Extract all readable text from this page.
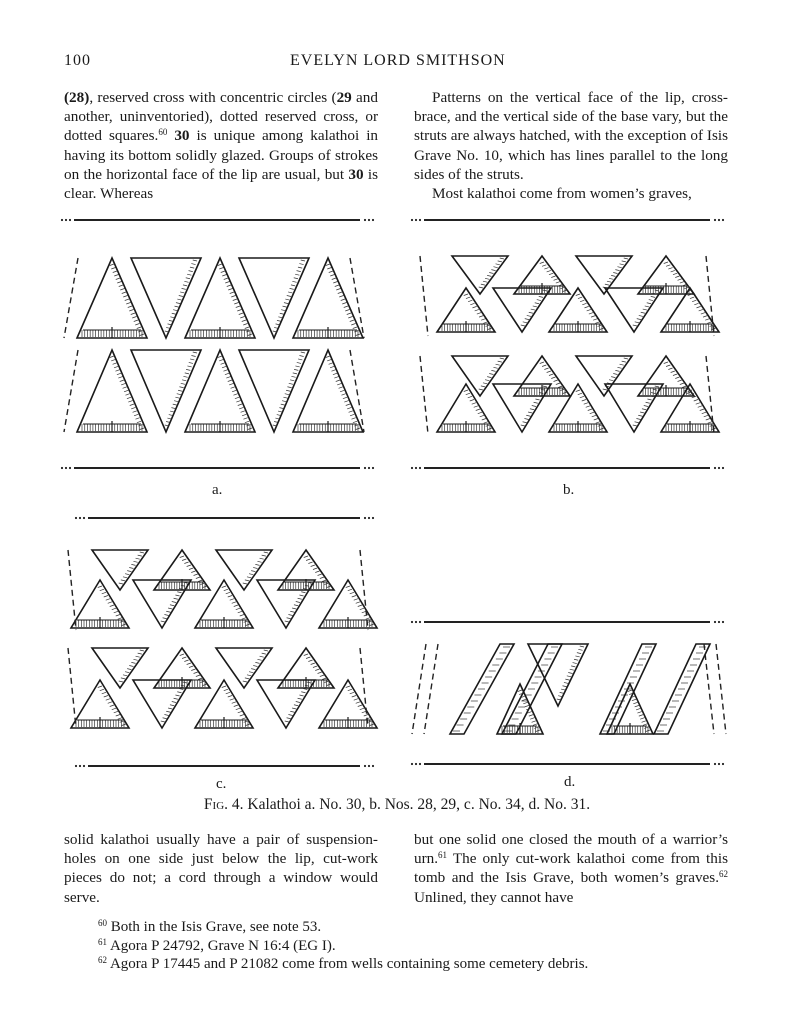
100	EVELYN LORD SMITHSON

(28), reserved cross with concentric circles (29 and another, uninventoried), dotted reserved cross, or dotted squares.$^{60}$ 30 is unique among kalathoi in having its bottom solidly glazed. Groups of strokes on the horizontal face of the lip are usual, but 30 is clear. Whereas

Patterns on the vertical face of the lip, cross-brace, and the vertical side of the base vary, but the struts are always hatched, with the exception of Isis Grave No. 10, which has lines parallel to the long sides of the struts.

Most kalathoi come from women’s graves,

a.	b.
c.	d.
Fig. 4. Kalathoi a. No. 30, b. Nos. 28, 29, c. No. 34, d. No. 31.

solid kalathoi usually have a pair of suspension-holes on one side just below the lip, cut-work pieces do not; a cord through a window would serve.

but one solid one closed the mouth of a warrior’s urn.$^{61}$ The only cut-work kalathoi come from this tomb and the Isis Grave, both women’s graves.$^{62}$ Unlined, they cannot have

$^{60}$ Both in the Isis Grave, see note 53.
$^{61}$ Agora P 24792, Grave N 16:4 (EG I).
$^{62}$ Agora P 17445 and P 21082 come from wells containing some cemetery debris.
